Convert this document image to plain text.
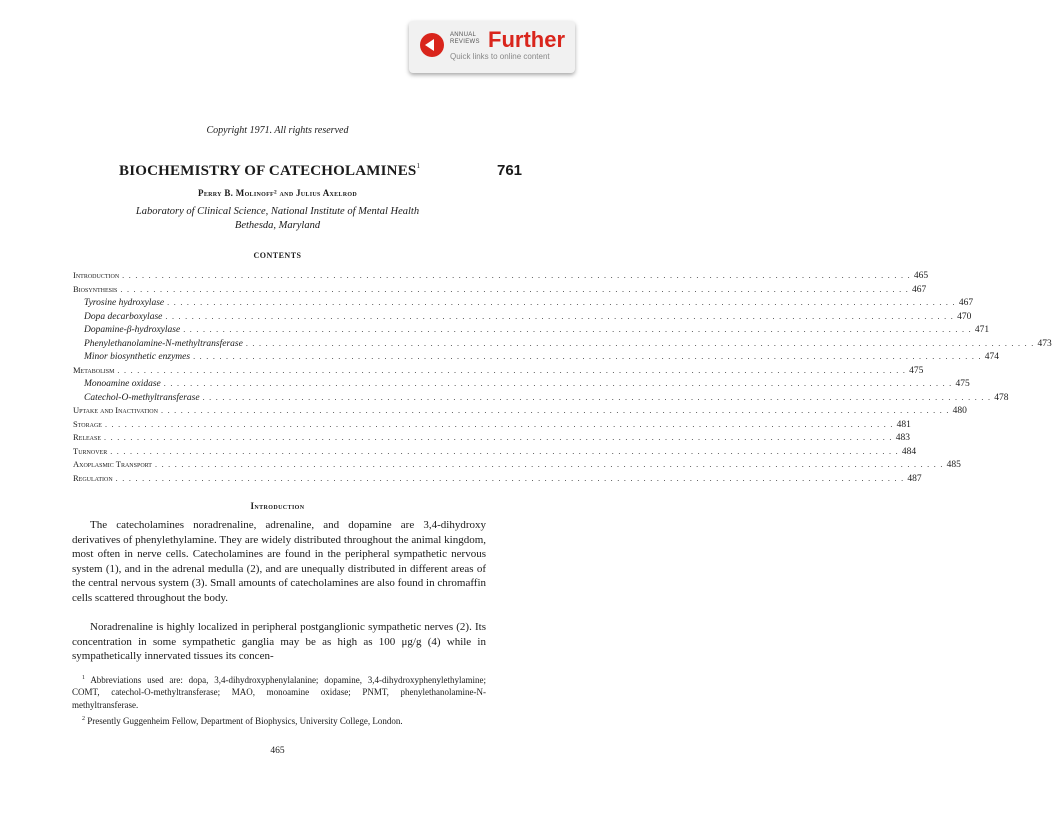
ANNUAL
REVIEWS Further
Quick links to online content
Copyright 1971. All rights reserved
BIOCHEMISTRY OF CATECHOLAMINES$^1$	761
Perry B. Molinoff² and Julius Axelrod
Laboratory of Clinical Science, National Institute of Mental Health
Bethesda, Maryland
CONTENTS
Introduction . . . . . . . . . . . . . . . . . . . . . . . . . . . . . . . . . . . . . . . . . . . . . . . . . . . . . . . . . . . . . . . . . . . . . . . . . . . . . . . . . . . . . . . . . . . . . . . . . . . . . . . . . . . . . . . . . . . . . . . . 465
Biosynthesis . . . . . . . . . . . . . . . . . . . . . . . . . . . . . . . . . . . . . . . . . . . . . . . . . . . . . . . . . . . . . . . . . . . . . . . . . . . . . . . . . . . . . . . . . . . . . . . . . . . . . . . . . . . . . . . . . . . . . . . . 467
Tyrosine hydroxylase . . . . . . . . . . . . . . . . . . . . . . . . . . . . . . . . . . . . . . . . . . . . . . . . . . . . . . . . . . . . . . . . . . . . . . . . . . . . . . . . . . . . . . . . . . . . . . . . . . . . . . . . . . . . . . . . . . . . . . . . 467
Dopa decarboxylase . . . . . . . . . . . . . . . . . . . . . . . . . . . . . . . . . . . . . . . . . . . . . . . . . . . . . . . . . . . . . . . . . . . . . . . . . . . . . . . . . . . . . . . . . . . . . . . . . . . . . . . . . . . . . . . . . . . . . . . . 470
Dopamine-β-hydroxylase . . . . . . . . . . . . . . . . . . . . . . . . . . . . . . . . . . . . . . . . . . . . . . . . . . . . . . . . . . . . . . . . . . . . . . . . . . . . . . . . . . . . . . . . . . . . . . . . . . . . . . . . . . . . . . . . . . . . . . . . 471
Phenylethanolamine-N-methyltransferase . . . . . . . . . . . . . . . . . . . . . . . . . . . . . . . . . . . . . . . . . . . . . . . . . . . . . . . . . . . . . . . . . . . . . . . . . . . . . . . . . . . . . . . . . . . . . . . . . . . . . . . . . . . . . . . . . . . . . . . . 473
Minor biosynthetic enzymes . . . . . . . . . . . . . . . . . . . . . . . . . . . . . . . . . . . . . . . . . . . . . . . . . . . . . . . . . . . . . . . . . . . . . . . . . . . . . . . . . . . . . . . . . . . . . . . . . . . . . . . . . . . . . . . . . . . . . . . . 474
Metabolism . . . . . . . . . . . . . . . . . . . . . . . . . . . . . . . . . . . . . . . . . . . . . . . . . . . . . . . . . . . . . . . . . . . . . . . . . . . . . . . . . . . . . . . . . . . . . . . . . . . . . . . . . . . . . . . . . . . . . . . . 475
Monoamine oxidase . . . . . . . . . . . . . . . . . . . . . . . . . . . . . . . . . . . . . . . . . . . . . . . . . . . . . . . . . . . . . . . . . . . . . . . . . . . . . . . . . . . . . . . . . . . . . . . . . . . . . . . . . . . . . . . . . . . . . . . . 475
Catechol-O-methyltransferase . . . . . . . . . . . . . . . . . . . . . . . . . . . . . . . . . . . . . . . . . . . . . . . . . . . . . . . . . . . . . . . . . . . . . . . . . . . . . . . . . . . . . . . . . . . . . . . . . . . . . . . . . . . . . . . . . . . . . . . . 478
Uptake and Inactivation . . . . . . . . . . . . . . . . . . . . . . . . . . . . . . . . . . . . . . . . . . . . . . . . . . . . . . . . . . . . . . . . . . . . . . . . . . . . . . . . . . . . . . . . . . . . . . . . . . . . . . . . . . . . . . . . . . . . . . . . 480
Storage . . . . . . . . . . . . . . . . . . . . . . . . . . . . . . . . . . . . . . . . . . . . . . . . . . . . . . . . . . . . . . . . . . . . . . . . . . . . . . . . . . . . . . . . . . . . . . . . . . . . . . . . . . . . . . . . . . . . . . . . 481
Release . . . . . . . . . . . . . . . . . . . . . . . . . . . . . . . . . . . . . . . . . . . . . . . . . . . . . . . . . . . . . . . . . . . . . . . . . . . . . . . . . . . . . . . . . . . . . . . . . . . . . . . . . . . . . . . . . . . . . . . . 483
Turnover . . . . . . . . . . . . . . . . . . . . . . . . . . . . . . . . . . . . . . . . . . . . . . . . . . . . . . . . . . . . . . . . . . . . . . . . . . . . . . . . . . . . . . . . . . . . . . . . . . . . . . . . . . . . . . . . . . . . . . . . 484
Axoplasmic Transport . . . . . . . . . . . . . . . . . . . . . . . . . . . . . . . . . . . . . . . . . . . . . . . . . . . . . . . . . . . . . . . . . . . . . . . . . . . . . . . . . . . . . . . . . . . . . . . . . . . . . . . . . . . . . . . . . . . . . . . . 485
Regulation . . . . . . . . . . . . . . . . . . . . . . . . . . . . . . . . . . . . . . . . . . . . . . . . . . . . . . . . . . . . . . . . . . . . . . . . . . . . . . . . . . . . . . . . . . . . . . . . . . . . . . . . . . . . . . . . . . . . . . . . 487
Introduction
The catecholamines noradrenaline, adrenaline, and dopamine are 3,4-dihydroxy derivatives of phenylethylamine. They are widely distributed throughout the animal kingdom, most often in nerve cells. Catecholamines are found in the peripheral sympathetic nervous system (1), and in the adrenal medulla (2), and are unequally distributed in different areas of the central nervous system (3). Small amounts of catecholamines are also found in chromaffin cells scattered throughout the body.
Noradrenaline is highly localized in peripheral postganglionic sympathetic nerves (2). Its concentration in some sympathetic ganglia may be as high as 100 μg/g (4) while in sympathetically innervated tissues its concen-
$^1$ Abbreviations used are: dopa, 3,4-dihydroxyphenylalanine; dopamine, 3,4-dihydroxyphenylethylamine; COMT, catechol-O-methyltransferase; MAO, monoamine oxidase; PNMT, phenylethanolamine-N-methyltransferase.
$^2$ Presently Guggenheim Fellow, Department of Biophysics, University College, London.
465
